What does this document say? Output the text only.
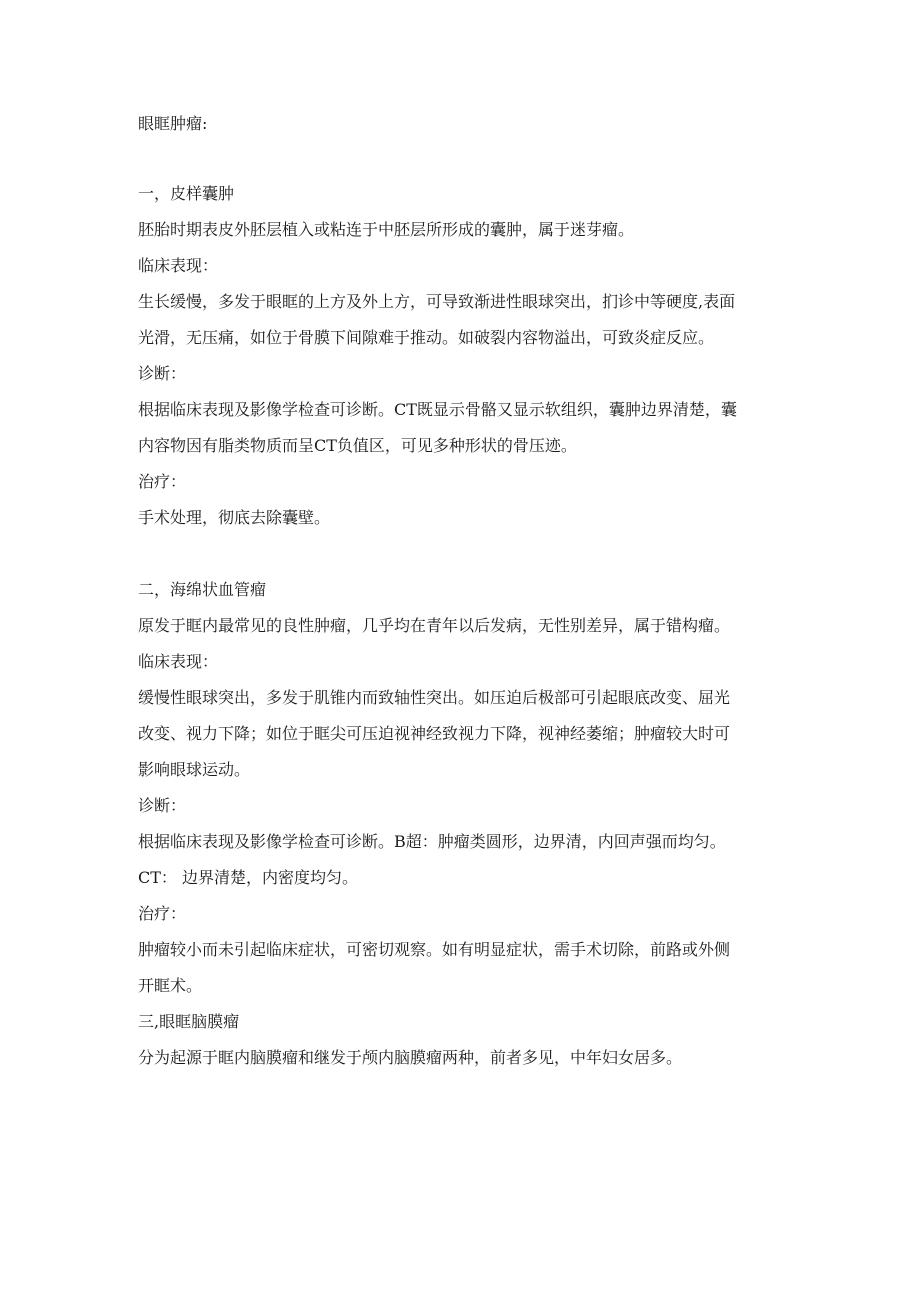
眼眶肿瘤:
一，皮样囊肿
胚胎时期表皮外胚层植入或粘连于中胚层所形成的囊肿，属于迷芽瘤。
临床表现：
生长缓慢，多发于眼眶的上方及外上方，可导致渐进性眼球突出，扪诊中等硬度,表面
光滑，无压痛，如位于骨膜下间隙难于推动。如破裂内容物溢出，可致炎症反应。
诊断：
根据临床表现及影像学检查可诊断。CT既显示骨骼又显示软组织，囊肿边界清楚，囊
内容物因有脂类物质而呈CT负值区，可见多种形状的骨压迹。
治疗：
手术处理，彻底去除囊壁。
二，海绵状血管瘤
原发于眶内最常见的良性肿瘤，几乎均在青年以后发病，无性别差异，属于错构瘤。
临床表现：
缓慢性眼球突出，多发于肌锥内而致轴性突出。如压迫后极部可引起眼底改变、屈光
改变、视力下降；如位于眶尖可压迫视神经致视力下降，视神经萎缩；肿瘤较大时可
影响眼球运动。
诊断：
根据临床表现及影像学检查可诊断。B超：肿瘤类圆形，边界清，内回声强而均匀。
CT： 边界清楚，内密度均匀。
治疗：
肿瘤较小而未引起临床症状，可密切观察。如有明显症状，需手术切除，前路或外侧
开眶术。
三,眼眶脑膜瘤
分为起源于眶内脑膜瘤和继发于颅内脑膜瘤两种，前者多见，中年妇女居多。
